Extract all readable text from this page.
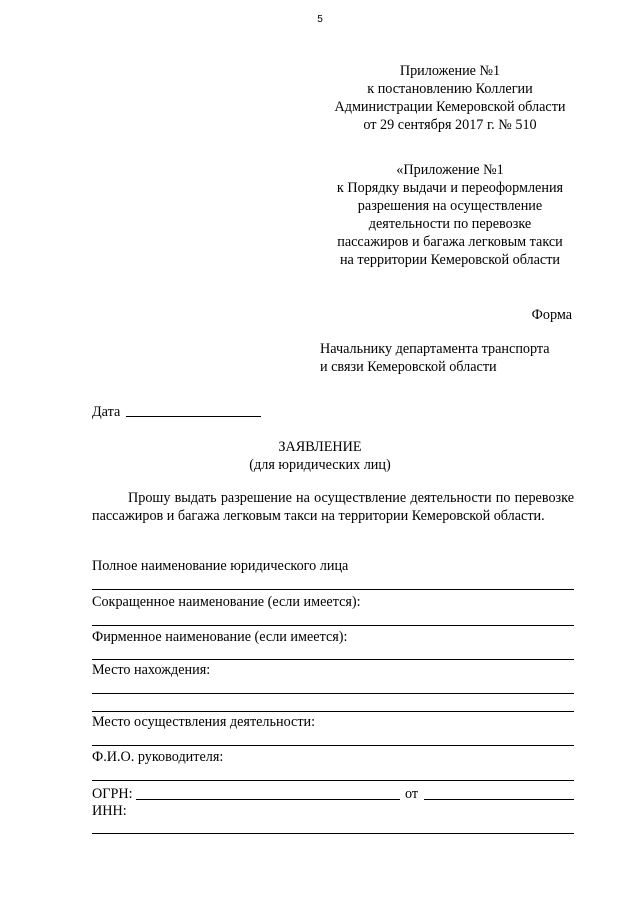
5
Приложение №1
к постановлению Коллегии
Администрации Кемеровской области
от 29 сентября 2017 г. № 510
«Приложение №1
к Порядку выдачи и переоформления
разрешения на осуществление
деятельности по перевозке
пассажиров и багажа легковым такси
на территории Кемеровской области
Форма
Начальнику департамента транспорта
и связи Кемеровской области
Дата
ЗАЯВЛЕНИЕ
(для юридических лиц)
Прошу выдать разрешение на осуществление деятельности по перевозке пассажиров и багажа легковым такси на территории Кемеровской области.
Полное наименование юридического лица
Сокращенное наименование (если имеется):
Фирменное наименование (если имеется):
Место нахождения:
Место осуществления деятельности:
Ф.И.О. руководителя:
ОГРН:	от
ИНН:
